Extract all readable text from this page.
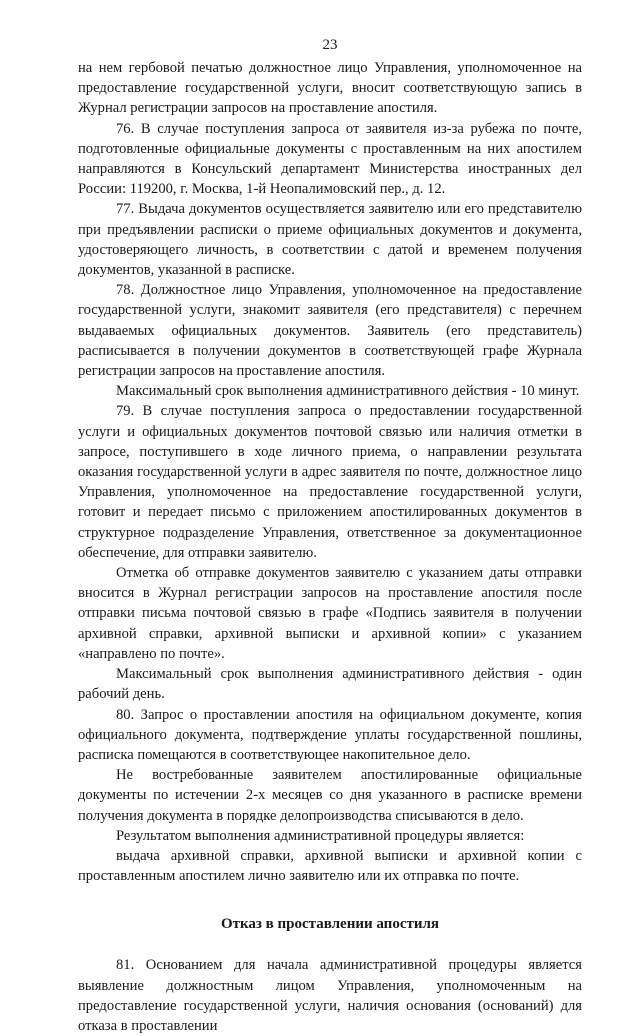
23

на нем гербовой печатью должностное лицо Управления, уполномоченное на предоставление государственной услуги, вносит соответствующую запись в Журнал регистрации запросов на проставление апостиля.

76. В случае поступления запроса от заявителя из-за рубежа по почте, подготовленные официальные документы с проставленным на них апостилем направляются в Консульский департамент Министерства иностранных дел России: 119200, г. Москва, 1-й Неопалимовский пер., д. 12.

77. Выдача документов осуществляется заявителю или его представителю при предъявлении расписки о приеме официальных документов и документа, удостоверяющего личность, в соответствии с датой и временем получения документов, указанной в расписке.

78. Должностное лицо Управления, уполномоченное на предоставление государственной услуги, знакомит заявителя (его представителя) с перечнем выдаваемых официальных документов. Заявитель (его представитель) расписывается в получении документов в соответствующей графе Журнала регистрации запросов на проставление апостиля.

Максимальный срок выполнения административного действия - 10 минут.

79. В случае поступления запроса о предоставлении государственной услуги и официальных документов почтовой связью или наличия отметки в запросе, поступившего в ходе личного приема, о направлении результата оказания государственной услуги в адрес заявителя по почте, должностное лицо Управления, уполномоченное на предоставление государственной услуги, готовит и передает письмо с приложением апостилированных документов в структурное подразделение Управления, ответственное за документационное обеспечение, для отправки заявителю.

Отметка об отправке документов заявителю с указанием даты отправки вносится в Журнал регистрации запросов на проставление апостиля после отправки письма почтовой связью в графе «Подпись заявителя в получении архивной справки, архивной выписки и архивной копии» с указанием «направлено по почте».

Максимальный срок выполнения административного действия - один рабочий день.

80. Запрос о проставлении апостиля на официальном документе, копия официального документа, подтверждение уплаты государственной пошлины, расписка помещаются в соответствующее накопительное дело.

Не востребованные заявителем апостилированные официальные документы по истечении 2-х месяцев со дня указанного в расписке времени получения документа в порядке делопроизводства списываются в дело.

Результатом выполнения административной процедуры является:

выдача архивной справки, архивной выписки и архивной копии с проставленным апостилем лично заявителю или их отправка по почте.

Отказ в проставлении апостиля

81. Основанием для начала административной процедуры является выявление должностным лицом Управления, уполномоченным на предоставление государственной услуги, наличия основания (оснований) для отказа в проставлении
